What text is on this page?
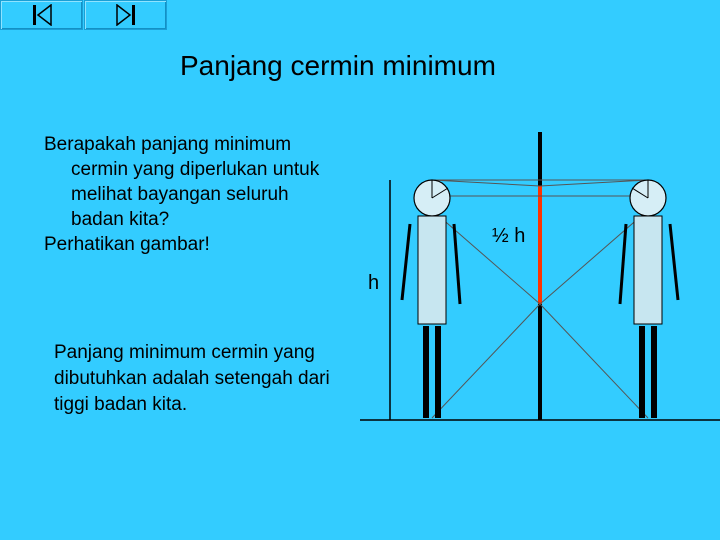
Panjang cermin minimum
Berapakah panjang minimum cermin yang diperlukan untuk melihat bayangan seluruh badan kita?
Perhatikan gambar!
Panjang minimum cermin yang dibutuhkan adalah setengah dari tiggi badan kita.
½ h
h
